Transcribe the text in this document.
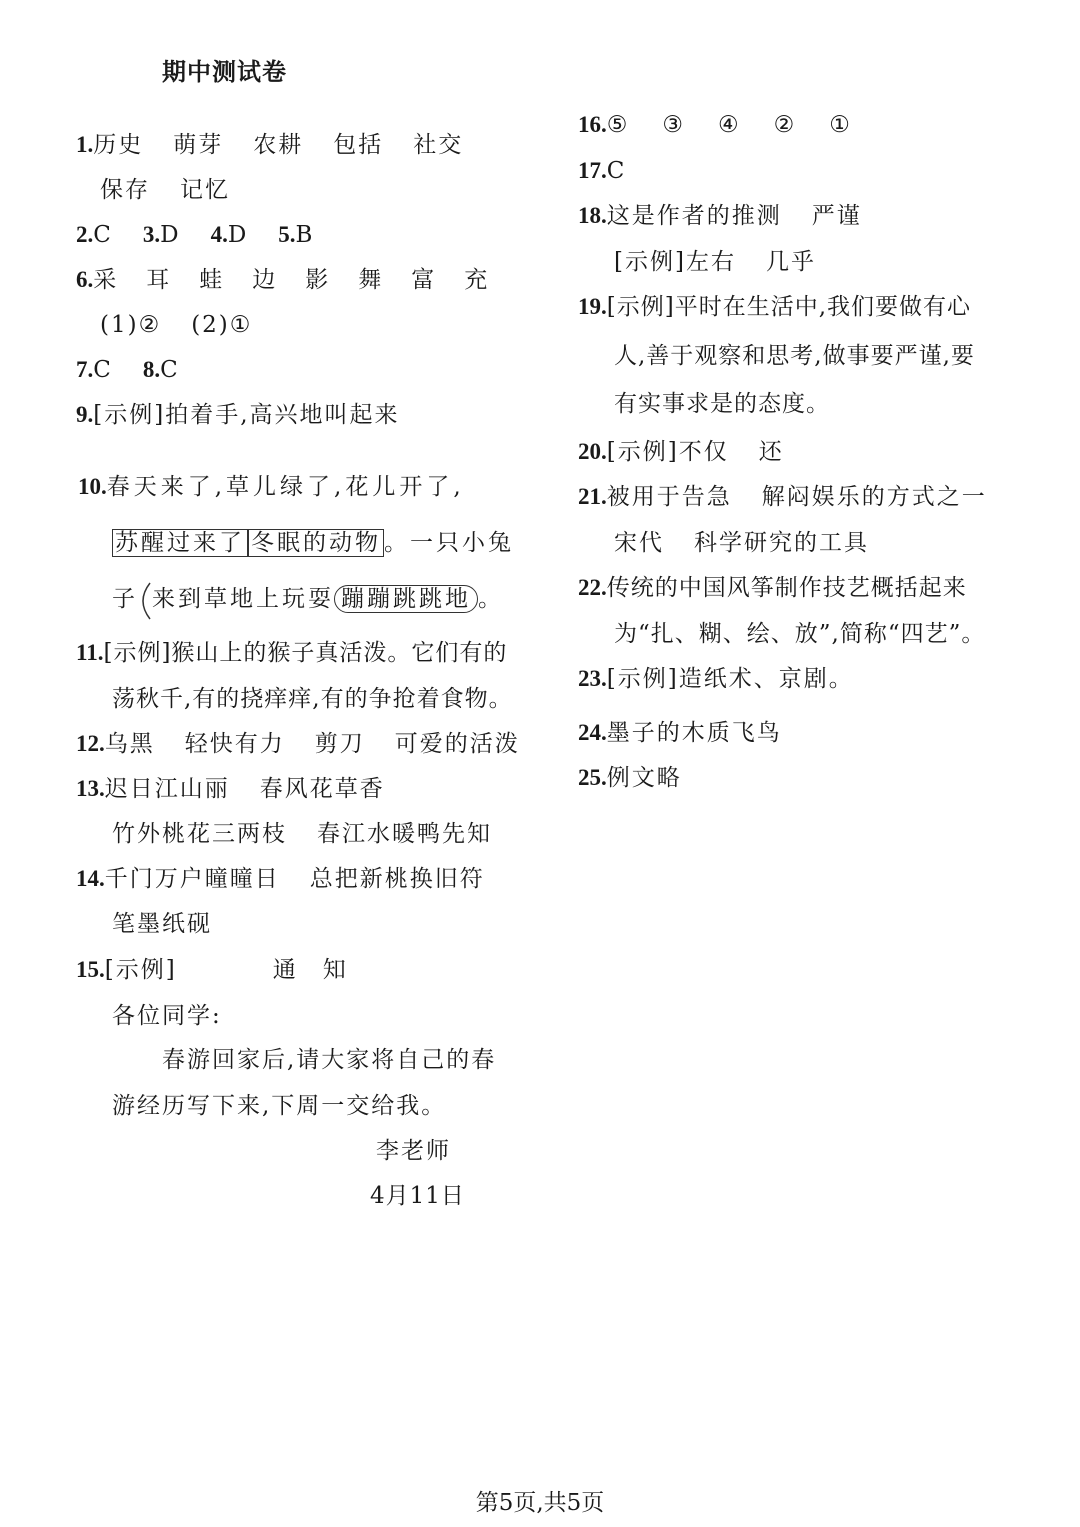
期中测试卷
1.历史 萌芽 农耕 包括 社交
保存 记忆
2.C 3.D 4.D 5.B
6.采 耳 蛙 边 影 舞 富 充
(1)② (2)①
7.C 8.C
9.[示例]拍着手,高兴地叫起来
10.春天来了,草儿绿了,花儿开了,
苏醒过来了 冬眠的动物 。一只小兔
子 来到草地上玩耍 蹦蹦跳跳地 。
11.[示例]猴山上的猴子真活泼。它们有的
荡秋千,有的挠痒痒,有的争抢着食物。
12.乌黑 轻快有力 剪刀 可爱的活泼
13.迟日江山丽 春风花草香
竹外桃花三两枝 春江水暖鸭先知
14.千门万户曈曈日 总把新桃换旧符
笔墨纸砚
15.[示例]	通　知
各位同学:
春游回家后,请大家将自己的春
游经历写下来,下周一交给我。
李老师
4月11日
16.⑤　③　④　②　①
17.C
18.这是作者的推测 严谨
[示例]左右 几乎
19.[示例]平时在生活中,我们要做有心
人,善于观察和思考,做事要严谨,要
有实事求是的态度。
20.[示例]不仅 还
21.被用于告急 解闷娱乐的方式之一
宋代 科学研究的工具
22.传统的中国风筝制作技艺概括起来
为“扎、糊、绘、放”,简称“四艺”。
23.[示例]造纸术、京剧。
24.墨子的木质飞鸟
25.例文略
第5页,共5页
